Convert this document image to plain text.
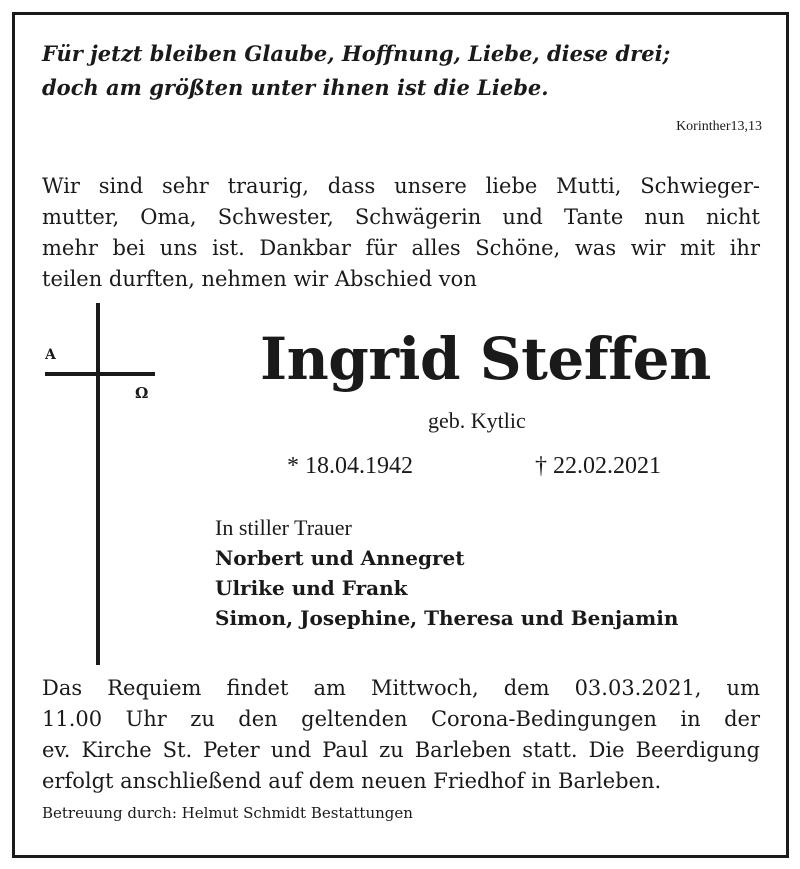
Für jetzt bleiben Glaube, Hoffnung, Liebe, diese drei;
doch am größten unter ihnen ist die Liebe.
Korinther13,13
Wir sind sehr traurig, dass unsere liebe Mutti, Schwieger-
mutter, Oma, Schwester, Schwägerin und Tante nun nicht
mehr bei uns ist. Dankbar für alles Schöne, was wir mit ihr
teilen durften, nehmen wir Abschied von
A
Ω Ingrid Steffen
geb. Kytlic
* 18.04.1942	† 22.02.2021
In stiller Trauer
Norbert und Annegret
Ulrike und Frank
Simon, Josephine, Theresa und Benjamin
Das Requiem findet am Mittwoch, dem 03.03.2021, um
11.00 Uhr zu den geltenden Corona-Bedingungen in der
ev. Kirche St. Peter und Paul zu Barleben statt. Die Beerdigung
erfolgt anschließend auf dem neuen Friedhof in Barleben.
Betreuung durch: Helmut Schmidt Bestattungen
